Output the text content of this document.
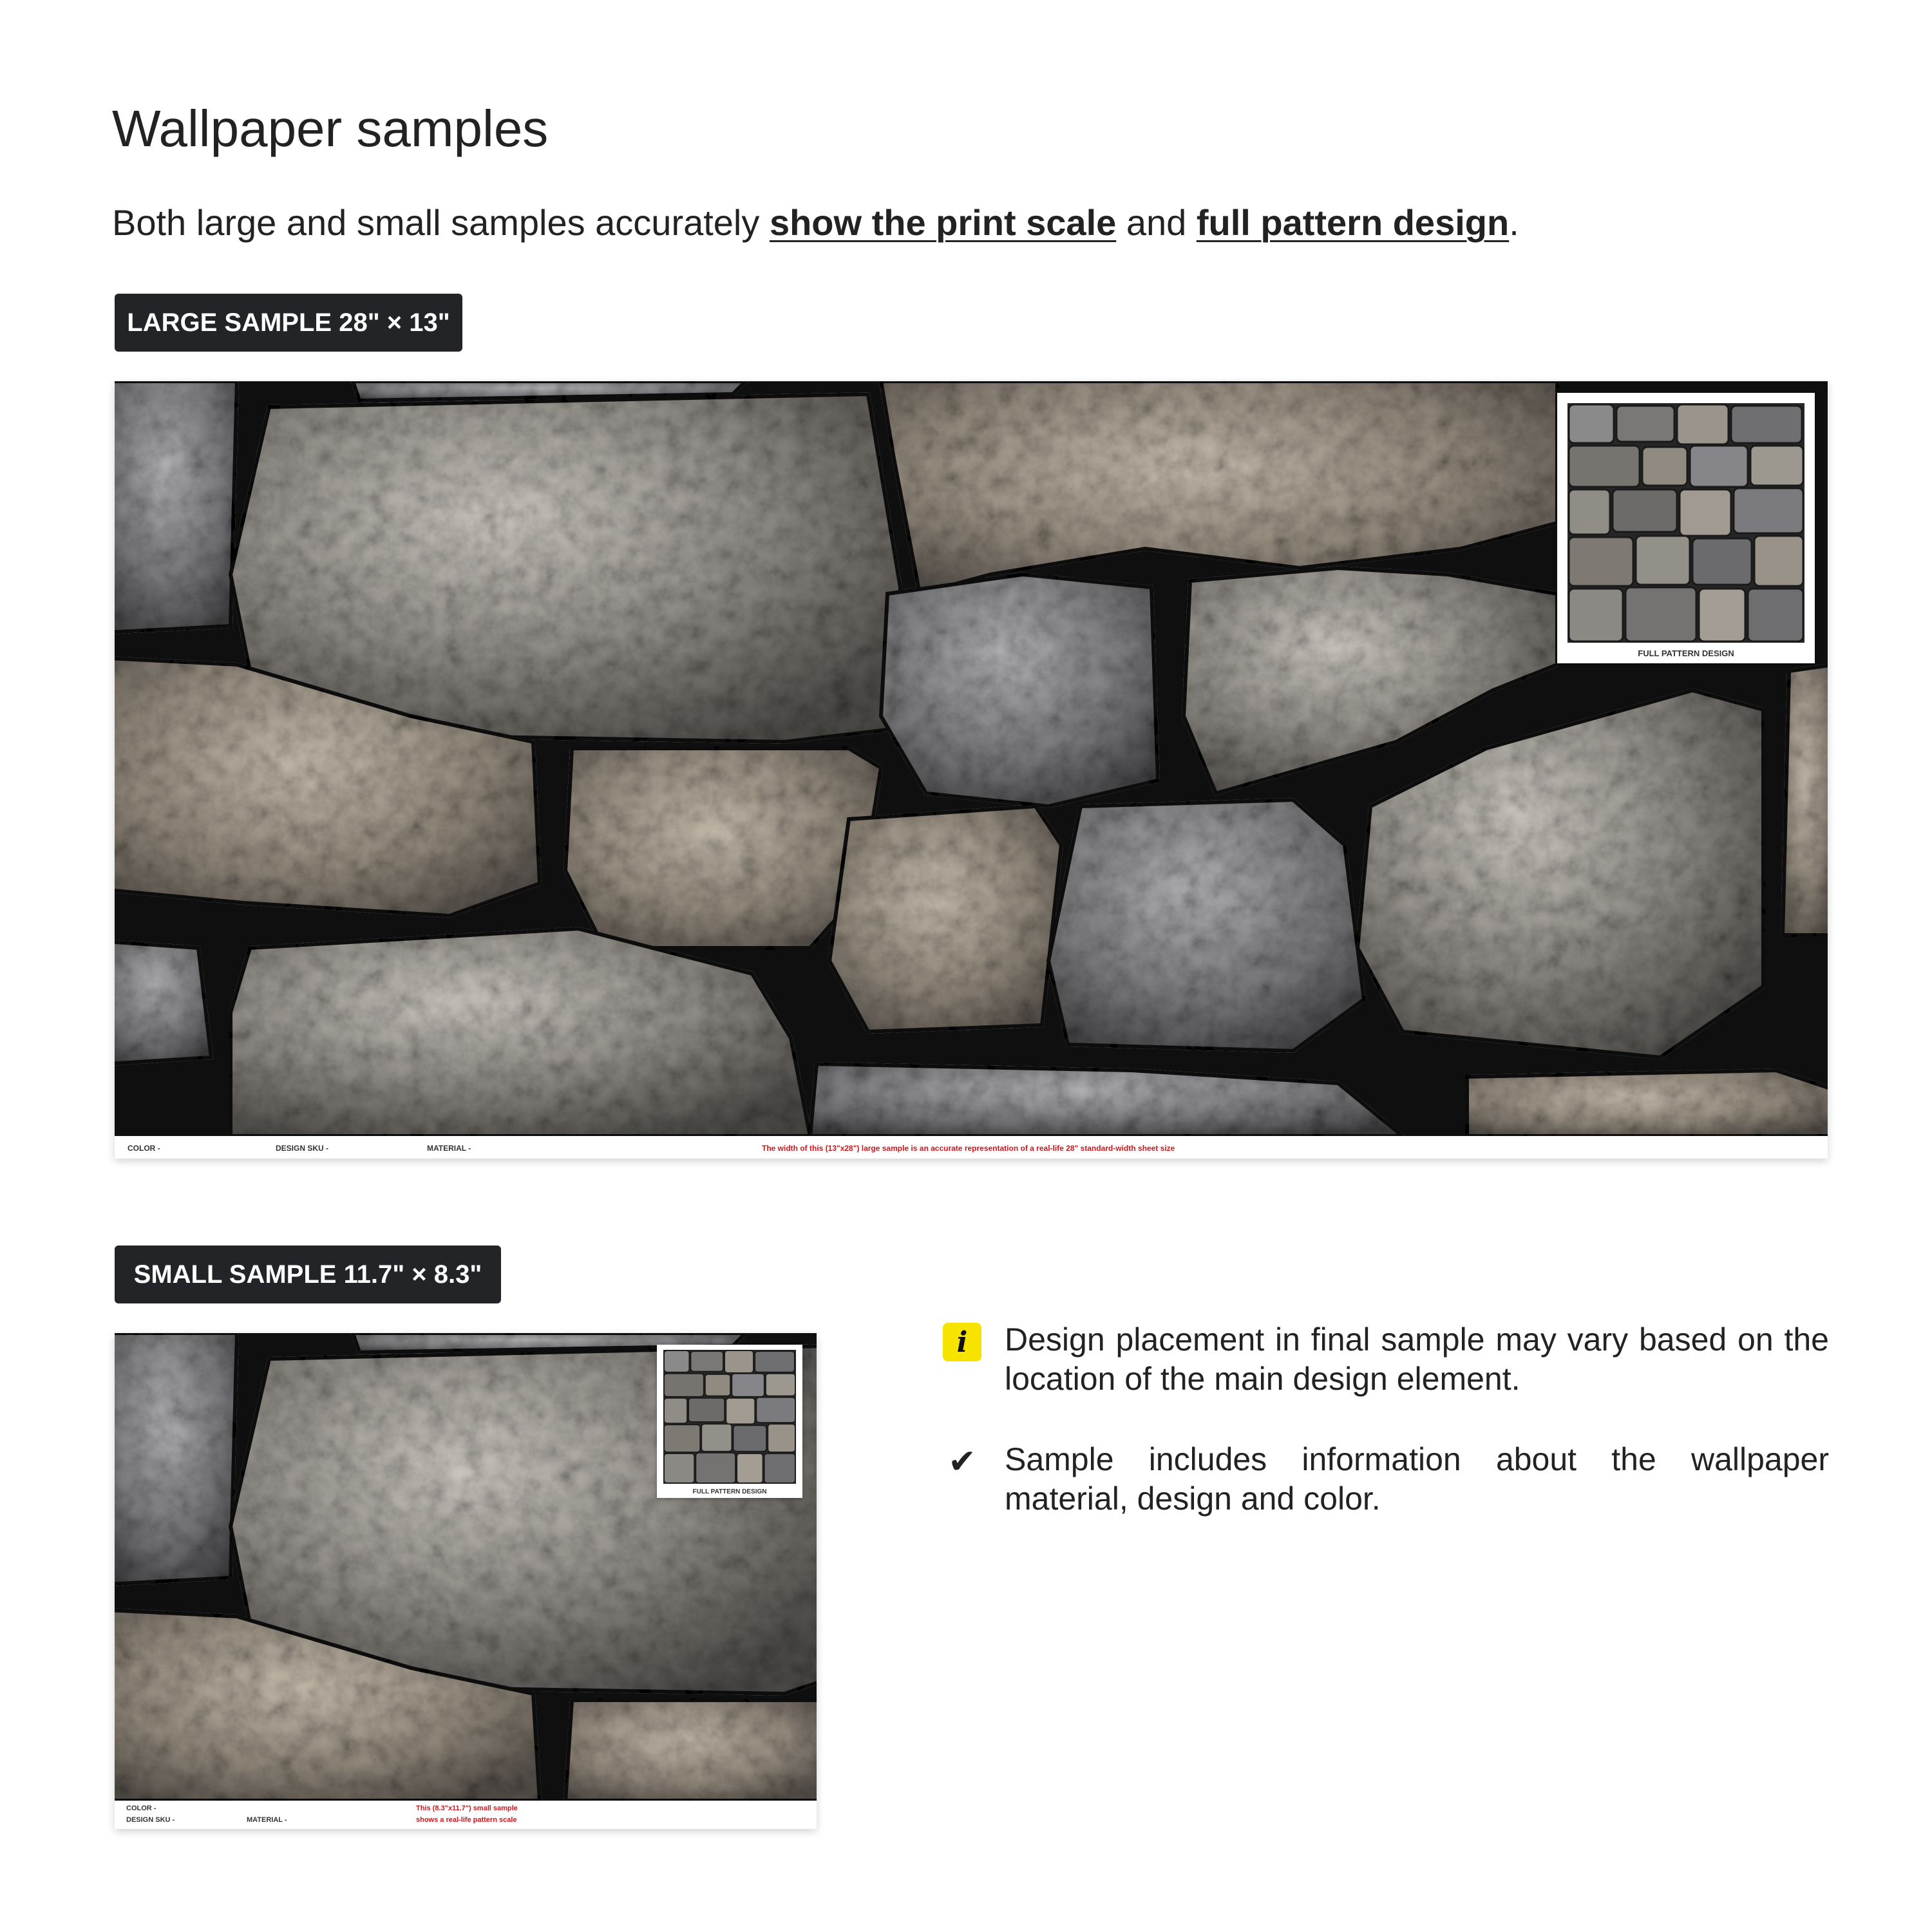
Wallpaper samples

Both large and small samples accurately show the print scale and full pattern design.

LARGE SAMPLE 28" × 13"
FULL PATTERN DESIGN
COLOR -	DESIGN SKU -	MATERIAL -	The width of this (13"x28") large sample is an accurate representation of a real-life 28" standard-width sheet size
SMALL SAMPLE 11.7" × 8.3"
FULL PATTERN DESIGN
COLOR -
DESIGN SKU -	MATERIAL -
This (8.3"x11.7") small sample
shows a real-life pattern scale
i	Design placement in final sample may vary based on the location of the main design element.

✔ Sample includes information about the wallpaper material, design and color.
